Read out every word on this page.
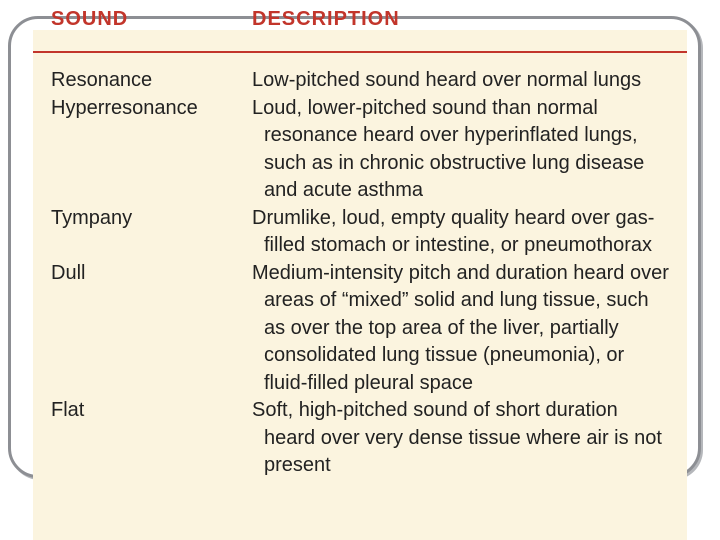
SOUND	DESCRIPTION
Resonance	Low-pitched sound heard over normal lungs
Hyperresonance	Loud, lower-pitched sound than normal resonance heard over hyperinflated lungs, such as in chronic obstructive lung disease and acute asthma
Tympany	Drumlike, loud, empty quality heard over gas-filled stomach or intestine, or pneumothorax
Dull	Medium-intensity pitch and duration heard over areas of “mixed” solid and lung tissue, such as over the top area of the liver, partially consolidated lung tissue (pneumonia), or fluid-filled pleural space
Flat	Soft, high-pitched sound of short duration heard over very dense tissue where air is not present
